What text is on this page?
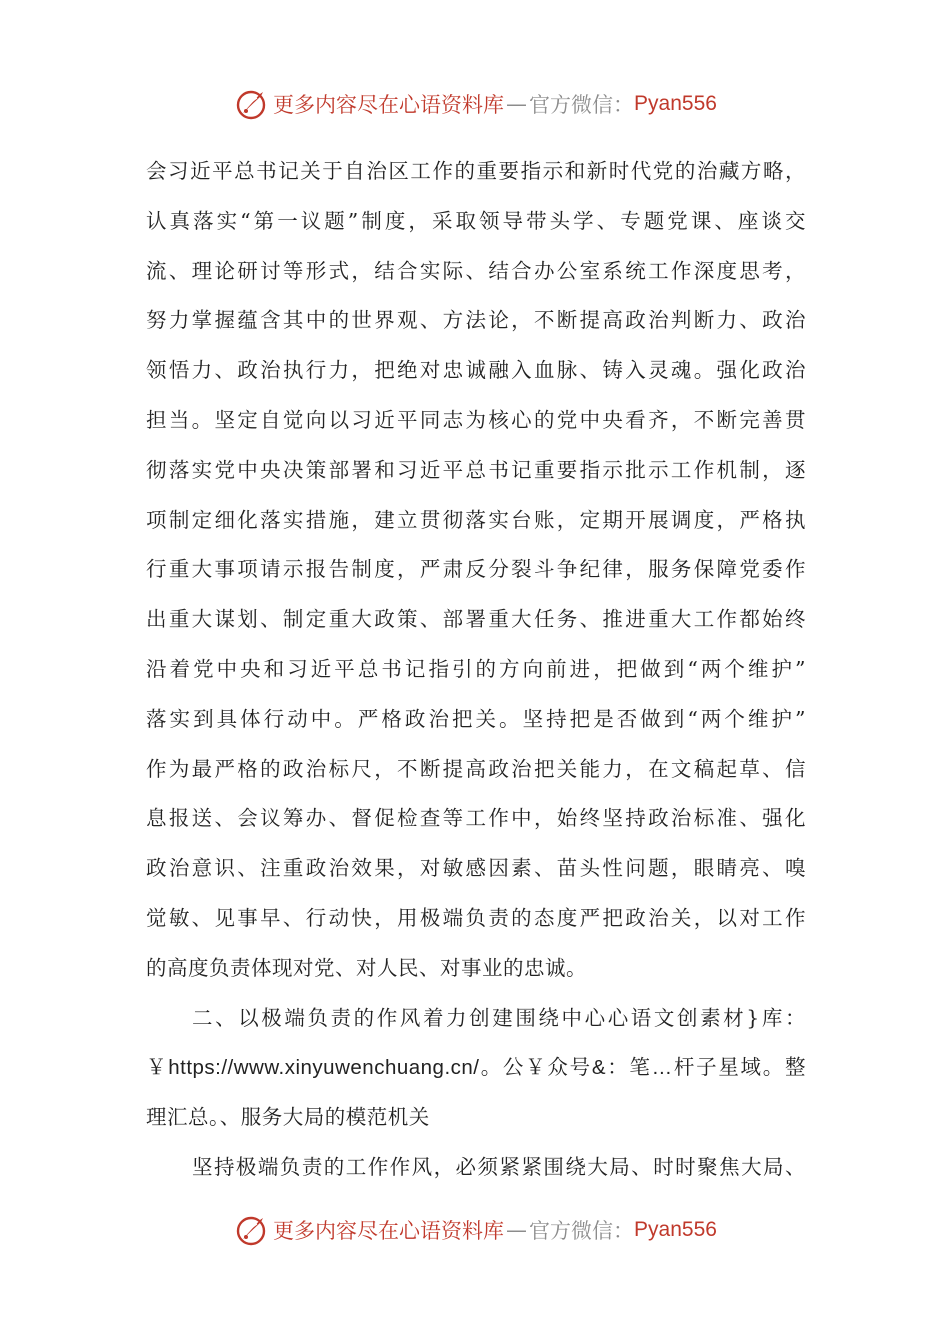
更多内容尽在心语资料库 — 官方微信： Pyan556
会习近平总书记关于自治区工作的重要指示和新时代党的治藏方略，
认真落实“第一议题”制度，采取领导带头学、专题党课、座谈交
流、理论研讨等形式，结合实际、结合办公室系统工作深度思考，
努力掌握蕴含其中的世界观、方法论，不断提高政治判断力、政治
领悟力、政治执行力，把绝对忠诚融入血脉、铸入灵魂。强化政治
担当。坚定自觉向以习近平同志为核心的党中央看齐，不断完善贯
彻落实党中央决策部署和习近平总书记重要指示批示工作机制，逐
项制定细化落实措施，建立贯彻落实台账，定期开展调度，严格执
行重大事项请示报告制度，严肃反分裂斗争纪律，服务保障党委作
出重大谋划、制定重大政策、部署重大任务、推进重大工作都始终
沿着党中央和习近平总书记指引的方向前进，把做到“两个维护”
落实到具体行动中。严格政治把关。坚持把是否做到“两个维护”
作为最严格的政治标尺，不断提高政治把关能力，在文稿起草、信
息报送、会议筹办、督促检查等工作中，始终坚持政治标准、强化
政治意识、注重政治效果，对敏感因素、苗头性问题，眼睛亮、嗅
觉敏、见事早、行动快，用极端负责的态度严把政治关，以对工作
的高度负责体现对党、对人民、对事业的忠诚。
二、以极端负责的作风着力创建围绕中心心语文创素材}库：
￥https://www.xinyuwenchuang.cn/。公￥众号&：笔…杆子星域。整
理汇总。、服务大局的模范机关
坚持极端负责的工作作风，必须紧紧围绕大局、时时聚焦大局、
更多内容尽在心语资料库 — 官方微信： Pyan556
